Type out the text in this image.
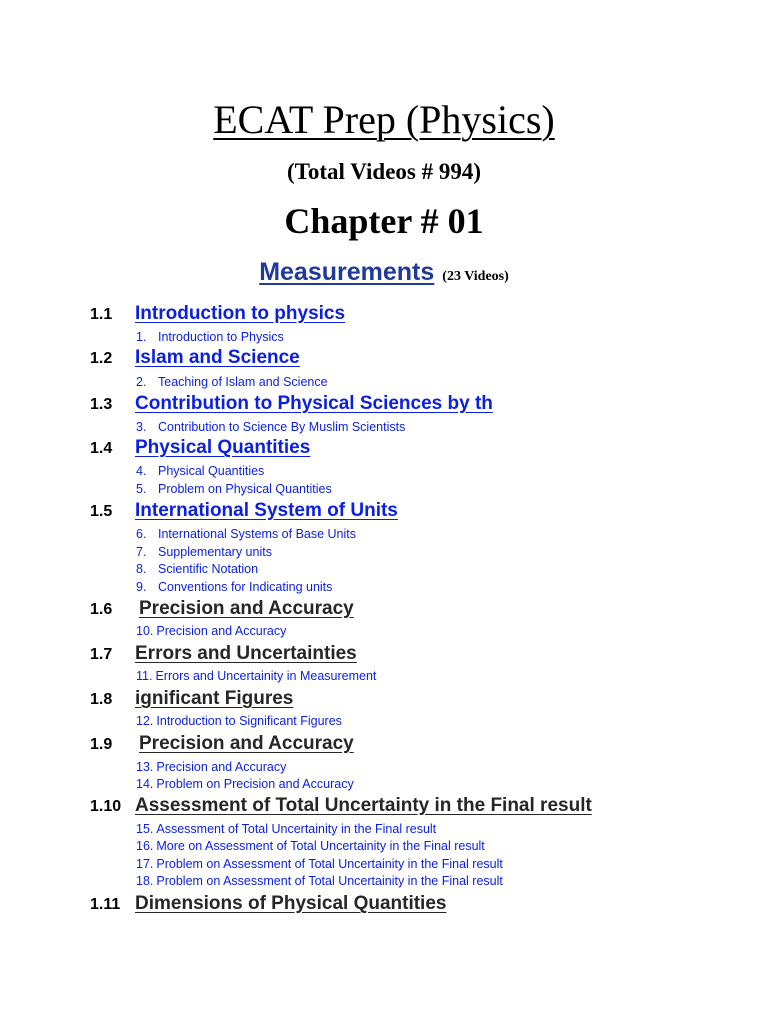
ECAT Prep (Physics)
(Total Videos # 994)
Chapter # 01
Measurements (23 Videos)
1.1 Introduction to physics
1. Introduction to Physics
1.2 Islam and Science
2. Teaching of Islam and Science
1.3 Contribution to Physical Sciences by th
3. Contribution to Science By Muslim Scientists
1.4 Physical Quantities
4. Physical Quantities
5. Problem on Physical Quantities
1.5 International System of Units
6. International Systems of Base Units
7. Supplementary units
8. Scientific Notation
9. Conventions for Indicating units
1.6 Precision and Accuracy
10. Precision and Accuracy
1.7 Errors and Uncertainties
11. Errors and Uncertainity in Measurement
1.8 ignificant Figures
12. Introduction to Significant Figures
1.9 Precision and Accuracy
13. Precision and Accuracy
14. Problem on Precision and Accuracy
1.10 Assessment of Total Uncertainty in the Final result
15. Assessment of Total Uncertainity in the Final result
16. More on Assessment of Total Uncertainity in the Final result
17. Problem on Assessment of Total Uncertainity in the Final result
18. Problem on Assessment of Total Uncertainity in the Final result
1.11 Dimensions of Physical Quantities
